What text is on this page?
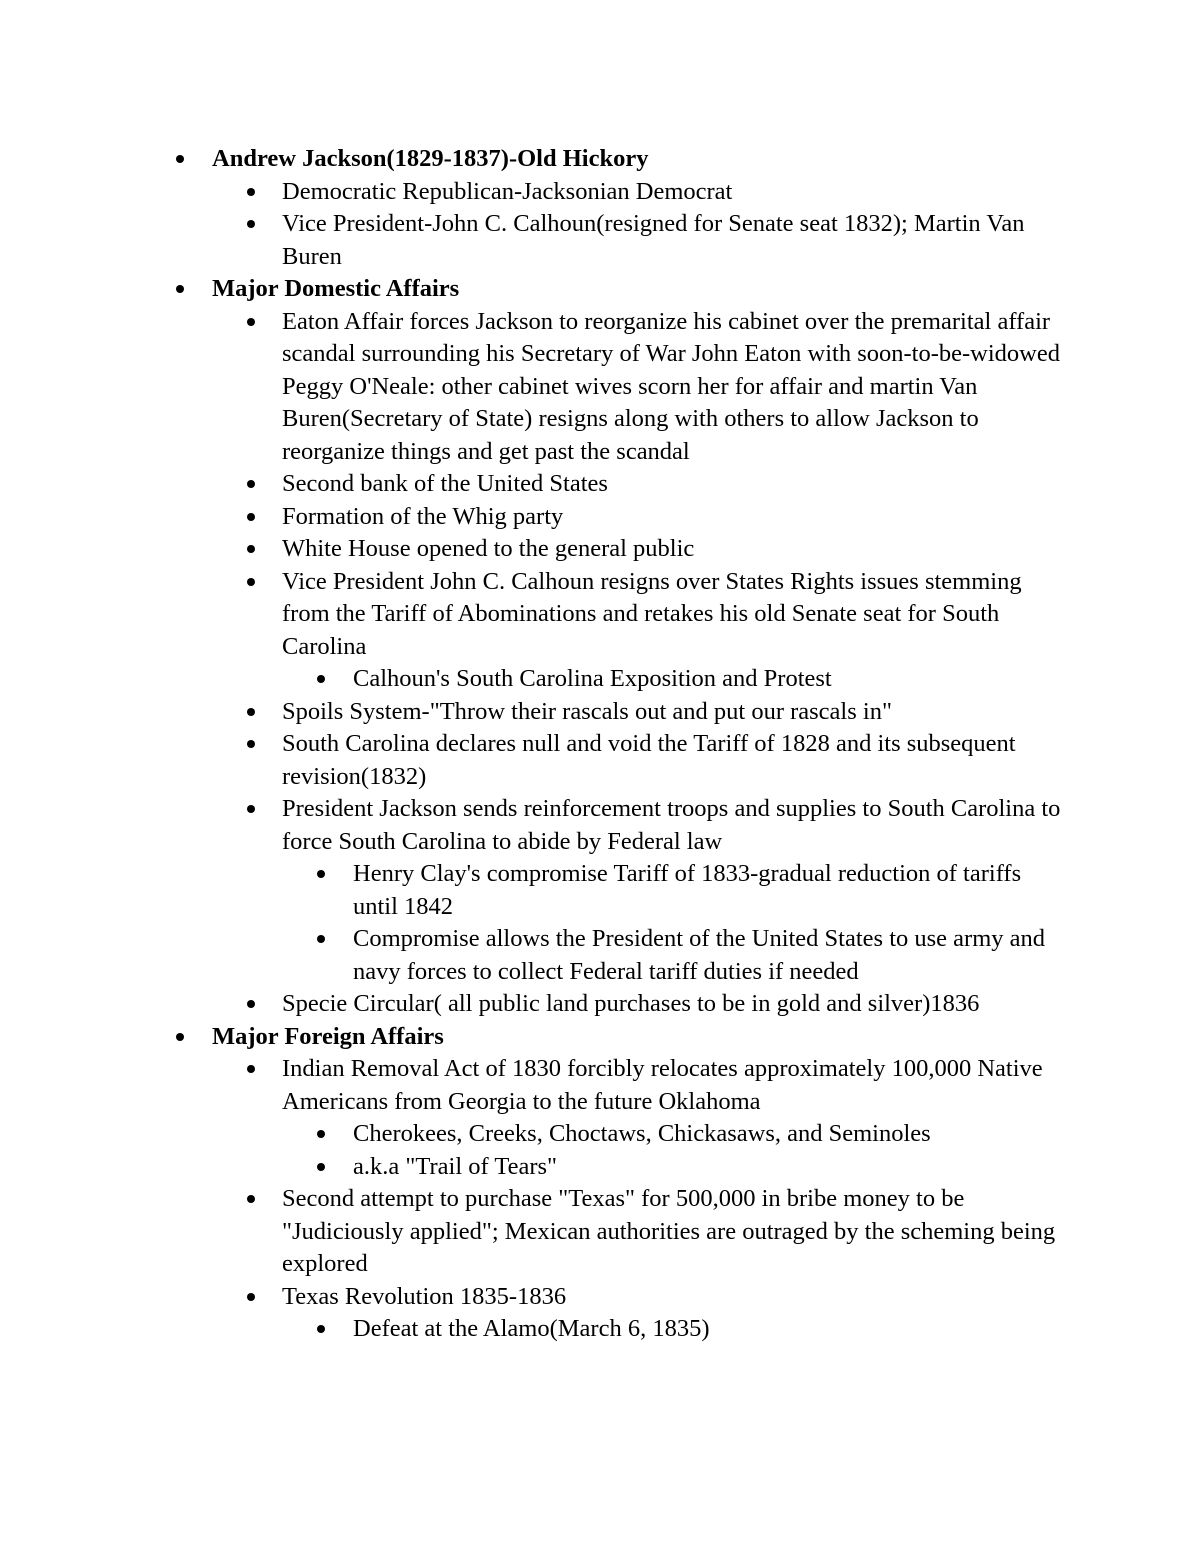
Andrew Jackson(1829-1837)-Old Hickory
Democratic Republican-Jacksonian Democrat
Vice President-John C. Calhoun(resigned for Senate seat 1832); Martin Van Buren
Major Domestic Affairs
Eaton Affair forces Jackson to reorganize his cabinet over the premarital affair scandal surrounding his Secretary of War John Eaton with soon-to-be-widowed Peggy O'Neale: other cabinet wives scorn her for affair and martin Van Buren(Secretary of State) resigns along with others to allow Jackson to reorganize things and get past the scandal
Second bank of the United States
Formation of the Whig party
White House opened to the general public
Vice President John C. Calhoun resigns over States Rights issues stemming from the Tariff of Abominations and retakes his old Senate seat for South Carolina
Calhoun's South Carolina Exposition and Protest
Spoils System-"Throw their rascals out and put our rascals in"
South Carolina declares null and void the Tariff of 1828 and its subsequent revision(1832)
President Jackson sends reinforcement troops and supplies to South Carolina to force South Carolina to abide by Federal law
Henry Clay's compromise Tariff of 1833-gradual reduction of tariffs until 1842
Compromise allows the President of the United States to use army and navy forces to collect Federal tariff duties if needed
Specie Circular( all public land purchases to be in gold and silver)1836
Major Foreign Affairs
Indian Removal Act of 1830 forcibly relocates approximately 100,000 Native Americans from Georgia to the future Oklahoma
Cherokees, Creeks, Choctaws, Chickasaws, and Seminoles
a.k.a "Trail of Tears"
Second attempt to purchase "Texas" for 500,000 in bribe money to be "Judiciously applied"; Mexican authorities are outraged by the scheming being explored
Texas Revolution 1835-1836
Defeat at the Alamo(March 6, 1835)
